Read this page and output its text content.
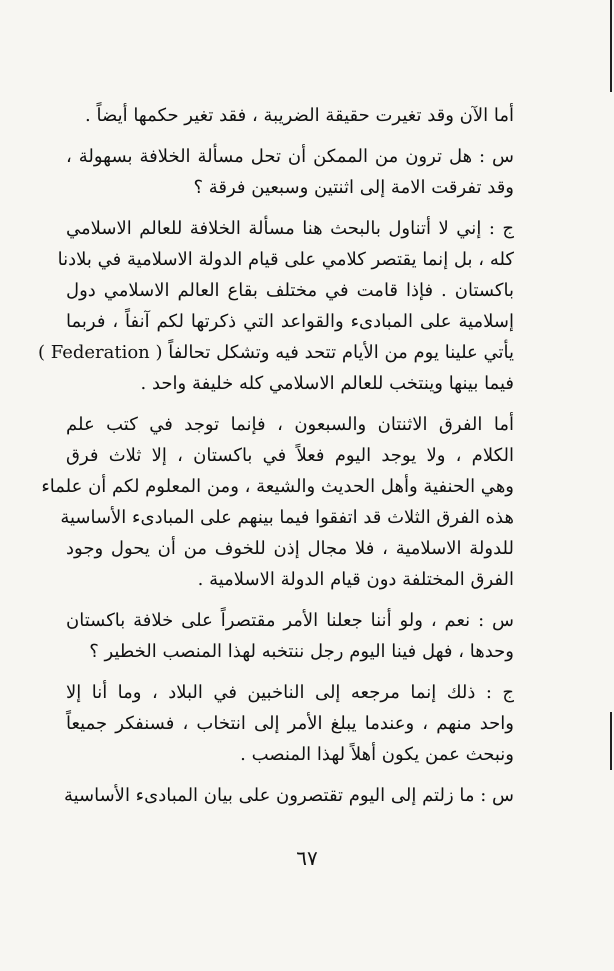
أما الآن وقد تغيرت حقيقة الضريبة ، فقد تغير حكمها أيضاً .
س : هل ترون من الممكن أن تحل مسألة الخلافة بسهولة ،
وقد تفرقت الامة إلى اثنتين وسبعين فرقة ؟
ج : إني لا أتناول بالبحث هنا مسألة الخلافة للعالم الاسلامي
كله ، بل إنما يقتصر كلامي على قيام الدولة الاسلامية في بلادنا
باكستان . فإذا قامت في مختلف بقاع العالم الاسلامي دول
إسلامية على المبادىء والقواعد التي ذكرتها لكم آنفاً ، فربما
يأتي علينا يوم من الأيام تتحد فيه وتشكل تحالفاً ( Federation )
فيما بينها وينتخب للعالم الاسلامي كله خليفة واحد .
أما الفرق الاثنتان والسبعون ، فإنما توجد في كتب علم
الكلام ، ولا يوجد اليوم فعلاً في باكستان ، إلا ثلاث فرق
وهي الحنفية وأهل الحديث والشيعة ، ومن المعلوم لكم أن علماء
هذه الفرق الثلاث قد اتفقوا فيما بينهم على المبادىء الأساسية
للدولة الاسلامية ، فلا مجال إذن للخوف من أن يحول وجود
الفرق المختلفة دون قيام الدولة الاسلامية .
س : نعم ، ولو أننا جعلنا الأمر مقتصراً على خلافة باكستان
وحدها ، فهل فينا اليوم رجل ننتخبه لهذا المنصب الخطير ؟
ج : ذلك إنما مرجعه إلى الناخبين في البلاد ، وما أنا إلا
واحد منهم ، وعندما يبلغ الأمر إلى انتخاب ، فسنفكر جميعاً
ونبحث عمن يكون أهلاً لهذا المنصب .
س : ما زلتم إلى اليوم تقتصرون على بيان المبادىء الأساسية
٦٧
